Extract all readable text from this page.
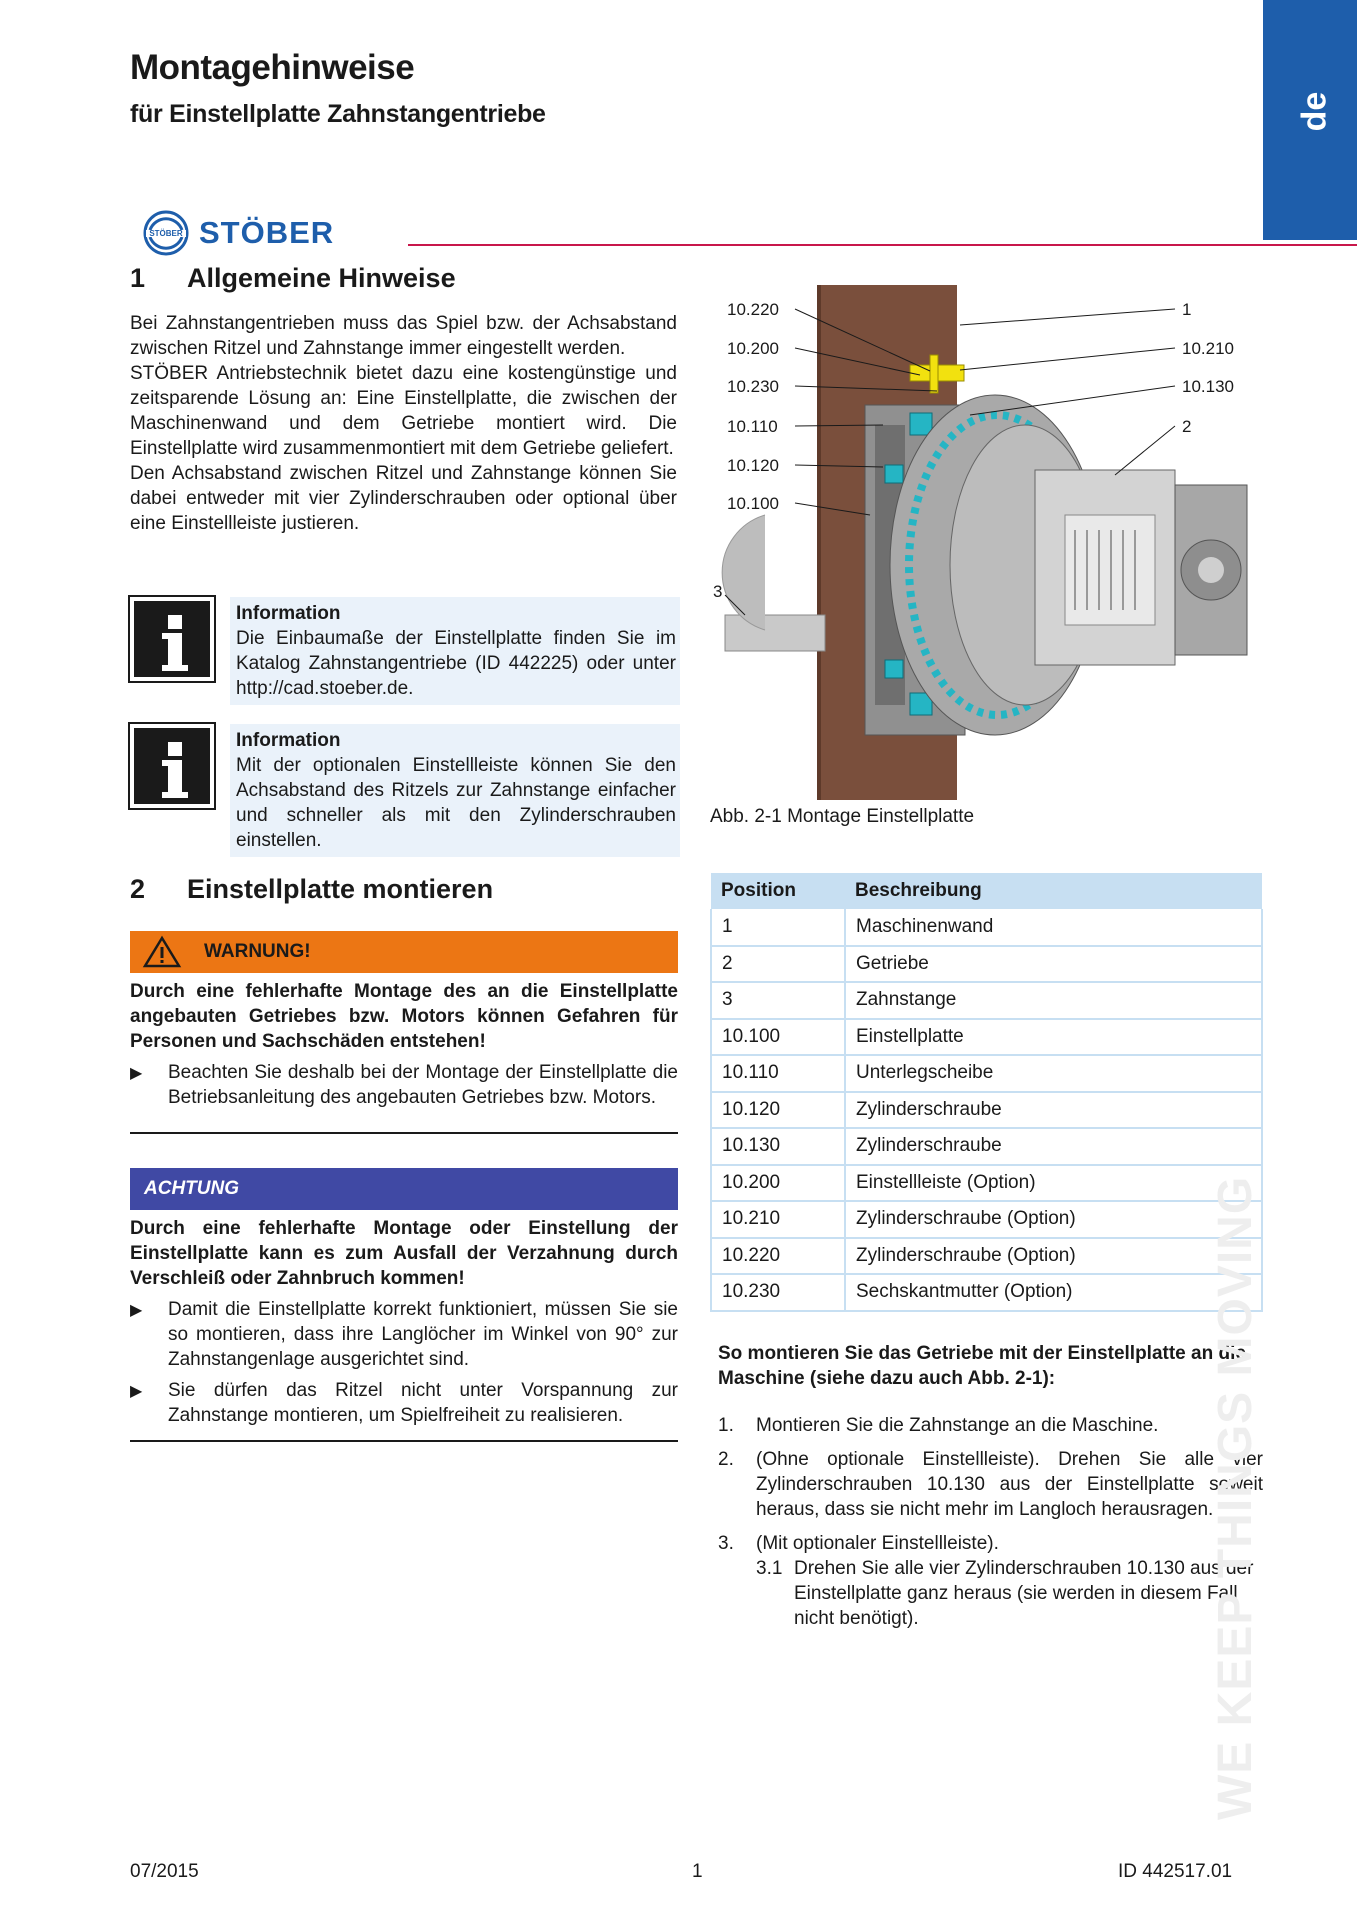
Montagehinweise
für Einstellplatte Zahnstangentriebe	de
STÖBER STÖBER
1 Allgemeine Hinweise

Bei Zahnstangentrieben muss das Spiel bzw. der Achsabstand zwischen Ritzel und Zahnstange immer eingestellt werden.

STÖBER Antriebstechnik bietet dazu eine kostengünstige und zeitsparende Lösung an: Eine Einstellplatte, die zwischen der Maschinenwand und dem Getriebe montiert wird. Die Einstellplatte wird zusammenmontiert mit dem Getriebe geliefert.

Den Achsabstand zwischen Ritzel und Zahnstange können Sie dabei entweder mit vier Zylinderschrauben oder optional über eine Einstellleiste justieren.

Information
Die Einbaumaße der Einstellplatte finden Sie im Katalog Zahnstangentriebe (ID 442225) oder unter http://cad.stoeber.de.
Information
Mit der optionalen Einstellleiste können Sie den Achsabstand des Ritzels zur Zahnstange einfacher und schneller als mit den Zylinderschrauben einstellen.
2 Einstellplatte montieren
WARNUNG!
Durch eine fehlerhafte Montage des an die Einstellplatte angebauten Getriebes bzw. Motors können Gefahren für Personen und Sachschäden entstehen!
▶	Beachten Sie deshalb bei der Montage der Einstellplatte die Betriebsanleitung des angebauten Getriebes bzw. Motors.
ACHTUNG
Durch eine fehlerhafte Montage oder Einstellung der Einstellplatte kann es zum Ausfall der Verzahnung durch Verschleiß oder Zahnbruch kommen!
▶	Damit die Einstellplatte korrekt funktioniert, müssen Sie sie so montieren, dass ihre Langlöcher im Winkel von 90° zur Zahnstangenlage ausgerichtet sind.
▶	Sie dürfen das Ritzel nicht unter Vorspannung zur Zahnstange montieren, um Spielfreiheit zu realisieren.
10.220
10.200
10.230
10.110
10.120
10.100
3
1
10.210
10.130
2
Abb. 2-1 Montage Einstellplatte
Position	Beschreibung
1	Maschinenwand
2	Getriebe
3	Zahnstange
10.100	Einstellplatte
10.110	Unterlegscheibe
10.120	Zylinderschraube
10.130	Zylinderschraube
10.200	Einstellleiste (Option)
10.210	Zylinderschraube (Option)
10.220	Zylinderschraube (Option)
10.230	Sechskantmutter (Option)
So montieren Sie das Getriebe mit der Einstellplatte an die Maschine (siehe dazu auch Abb. 2-1):
1.	Montieren Sie die Zahnstange an die Maschine.
2.	(Ohne optionale Einstellleiste). Drehen Sie alle vier Zylinderschrauben 10.130 aus der Einstellplatte soweit heraus, dass sie nicht mehr im Langloch herausragen.
3.	(Mit optionaler Einstellleiste).
3.1 Drehen Sie alle vier Zylinderschrauben 10.130 aus der Einstellplatte ganz heraus (sie werden in diesem Fall nicht benötigt).	WE KEEP THINGS MOVING
07/2015	1	ID 442517.01
